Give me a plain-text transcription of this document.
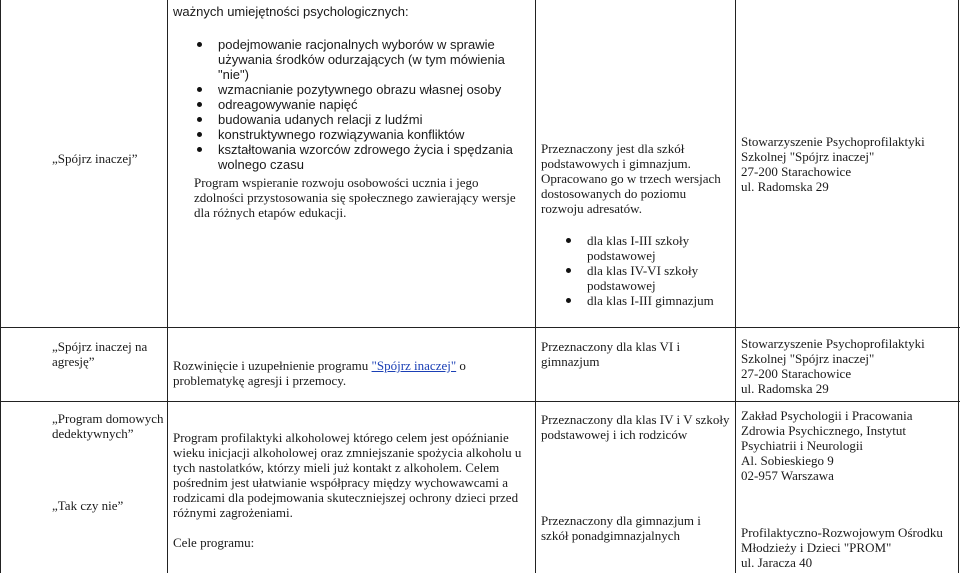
„Spójrz inaczej”
ważnych umiejętności psychologicznych:
podejmowanie racjonalnych wyborów w sprawie używania środków odurzających (w tym mówienia "nie")
wzmacnianie pozytywnego obrazu własnej osoby
odreagowywanie napięć
budowania udanych relacji z ludźmi
konstruktywnego rozwiązywania konfliktów
kształtowania wzorców zdrowego życia i spędzania wolnego czasu
Program wspieranie rozwoju osobowości ucznia i jego zdolności przystosowania się społecznego zawierający wersje dla różnych etapów edukacji.
Przeznaczony jest dla szkół podstawowych i gimnazjum. Opracowano go w trzech wersjach dostosowanych do poziomu rozwoju adresatów.
dla klas I-III szkoły podstawowej
dla klas IV-VI szkoły podstawowej
dla klas I-III gimnazjum

Stowarzyszenie Psychoprofilaktyki

Szkolnej "Spójrz inaczej"

27-200 Starachowice

ul. Radomska 29

„Spójrz inaczej na agresję”	Rozwinięcie i uzupełnienie programu "Spójrz inaczej" o problematykę agresji i przemocy.
Przeznaczony dla klas VI i gimnazjum

Stowarzyszenie Psychoprofilaktyki

Szkolnej "Spójrz inaczej"

27-200 Starachowice

ul. Radomska 29

„Program domowych dedektywnych”
„Tak czy nie”

Program profilaktyki alkoholowej którego celem jest opóźnianie wieku inicjacji alkoholowej oraz zmniejszanie spożycia alkoholu u tych nastolatków, którzy mieli już kontakt z alkoholem. Celem pośrednim jest ułatwianie współpracy między wychowawcami a rodzicami dla podejmowania skuteczniejszej ochrony dzieci przed różnymi zagrożeniami.

Cele programu:

Przeznaczony dla klas IV i V szkoły podstawowej i ich rodziców
Przeznaczony dla gimnazjum i szkół ponadgimnazjalnych

Zakład Psychologii i Pracowania Zdrowia Psychicznego, Instytut Psychiatrii i Neurologii

Al. Sobieskiego 9

02-957 Warszawa

Profilaktyczno-Rozwojowym Ośrodku Młodzieży i Dzieci "PROM"

ul. Jaracza 40
